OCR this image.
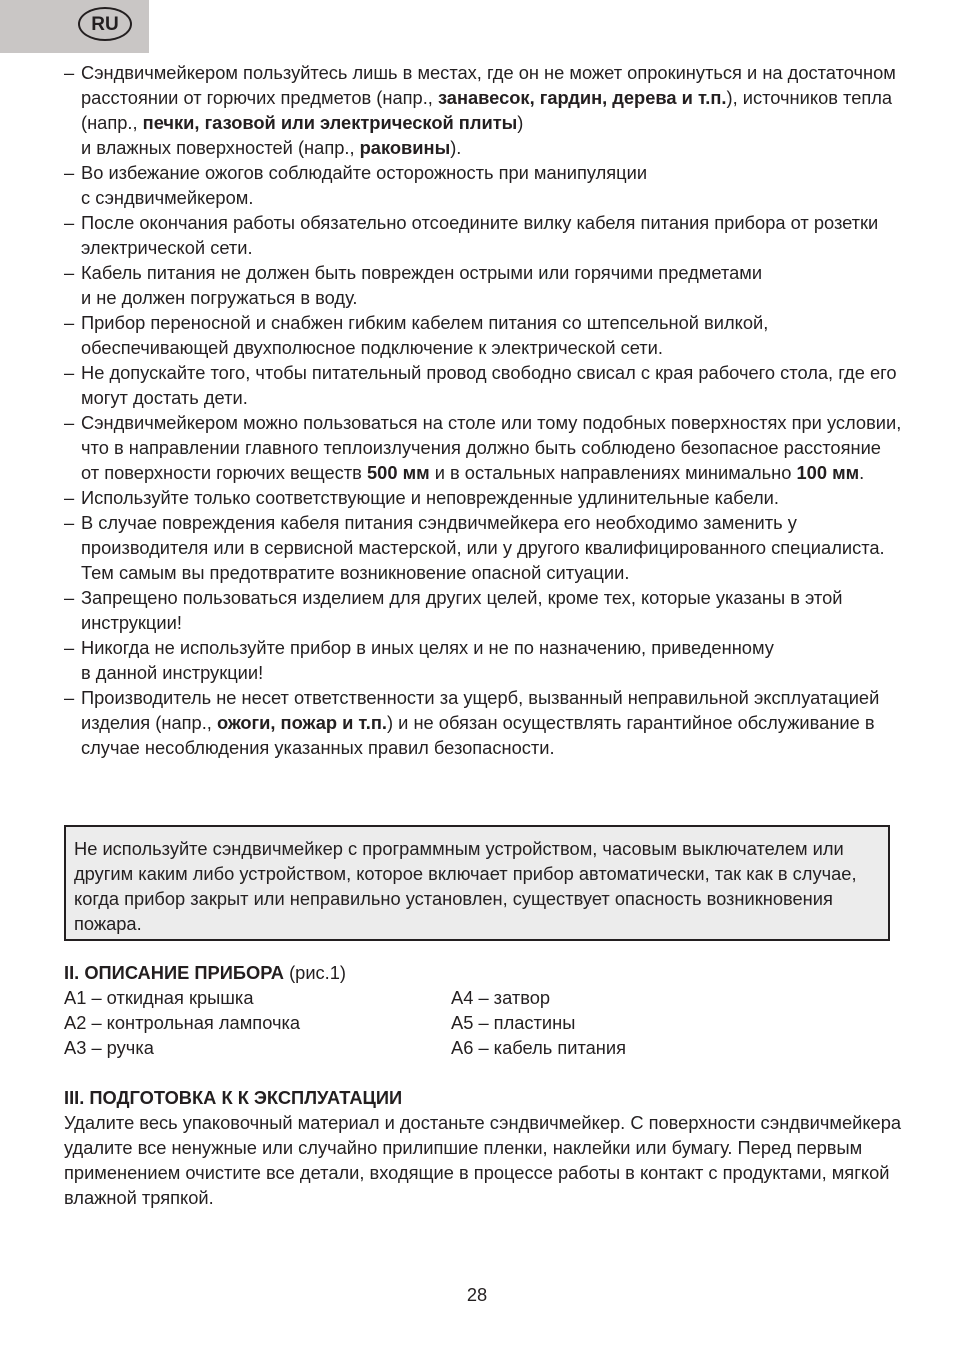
RU
– Сэндвичмейкером пользуйтесь лишь в местах, где он не может опрокинуться и на достаточном расстоянии от горючих предметов (напр., занавесок, гардин, дерева и т.п.), источников тепла (напр., печки, газовой или электрической плиты)
и влажных поверхностей (напр., раковины).
– Во избежание ожогов соблюдайте осторожность при манипуляции
с сэндвичмейкером.
– После окончания работы обязательно отсоедините вилку кабеля питания прибора от розетки электрической сети.
– Кабель питания не должен быть поврежден острыми или горячими предметами
и не должен погружаться в воду.
– Прибор переносной и снабжен гибким кабелем питания со штепсельной вилкой, обеспечивающей двухполюсное подключение к электрической сети.
– Не допускайте того, чтобы питательный провод свободно свисал с края рабочего стола, где его могут достать дети.
– Сэндвичмейкером можно пользоваться на столе или тому подобных поверхностях при условии, что в направлении главного теплоизлучения должно быть соблюдено безопасное расстояние от поверхности горючих веществ 500 мм и в остальных направлениях минимально 100 мм.
– Используйте только соответствующие и неповрежденные удлинительные кабели.
– В случае повреждения кабеля питания сэндвичмейкера его необходимо заменить у производителя или в сервисной мастерской, или у другого квалифицированного специалиста. Тем самым вы предотвратите возникновение опасной ситуации.
– Запрещено пользоваться изделием для других целей, кроме тех, которые указаны в этой инструкции!
– Никогда не используйте прибор в иных целях и не по назначению, приведенному
в данной инструкции!
– Производитель не несет ответственности за ущерб, вызванный неправильной эксплуатацией изделия (напр., ожоги, пожар и т.п.) и не обязан осуществлять гарантийное обслуживание в случае несоблюдения указанных правил безопасности.
Не используйте сэндвичмейкер с программным устройством, часовым выключателем или другим каким либо устройством, которое включает прибор автоматически, так как в случае, когда прибор закрыт или неправильно установлен, существует опасность возникновения пожара.
II. ОПИСАНИЕ ПРИБОРА (рис.1)
A1 – откидная крышка
A2 – контрольная лампочка
A3 – ручка
A4 – затвор
A5 – пластины
A6 – кабель питания
III. ПОДГОТОВКА К К ЭКСПЛУАТАЦИИ

Удалите весь упаковочный материал и достаньте сэндвичмейкер. С поверхности сэндвичмейкера удалите все ненужные или случайно прилипшие пленки, наклейки или бумагу. Перед первым применением очистите все детали, входящие в процессе работы в контакт с продуктами, мягкой влажной тряпкой.

28
